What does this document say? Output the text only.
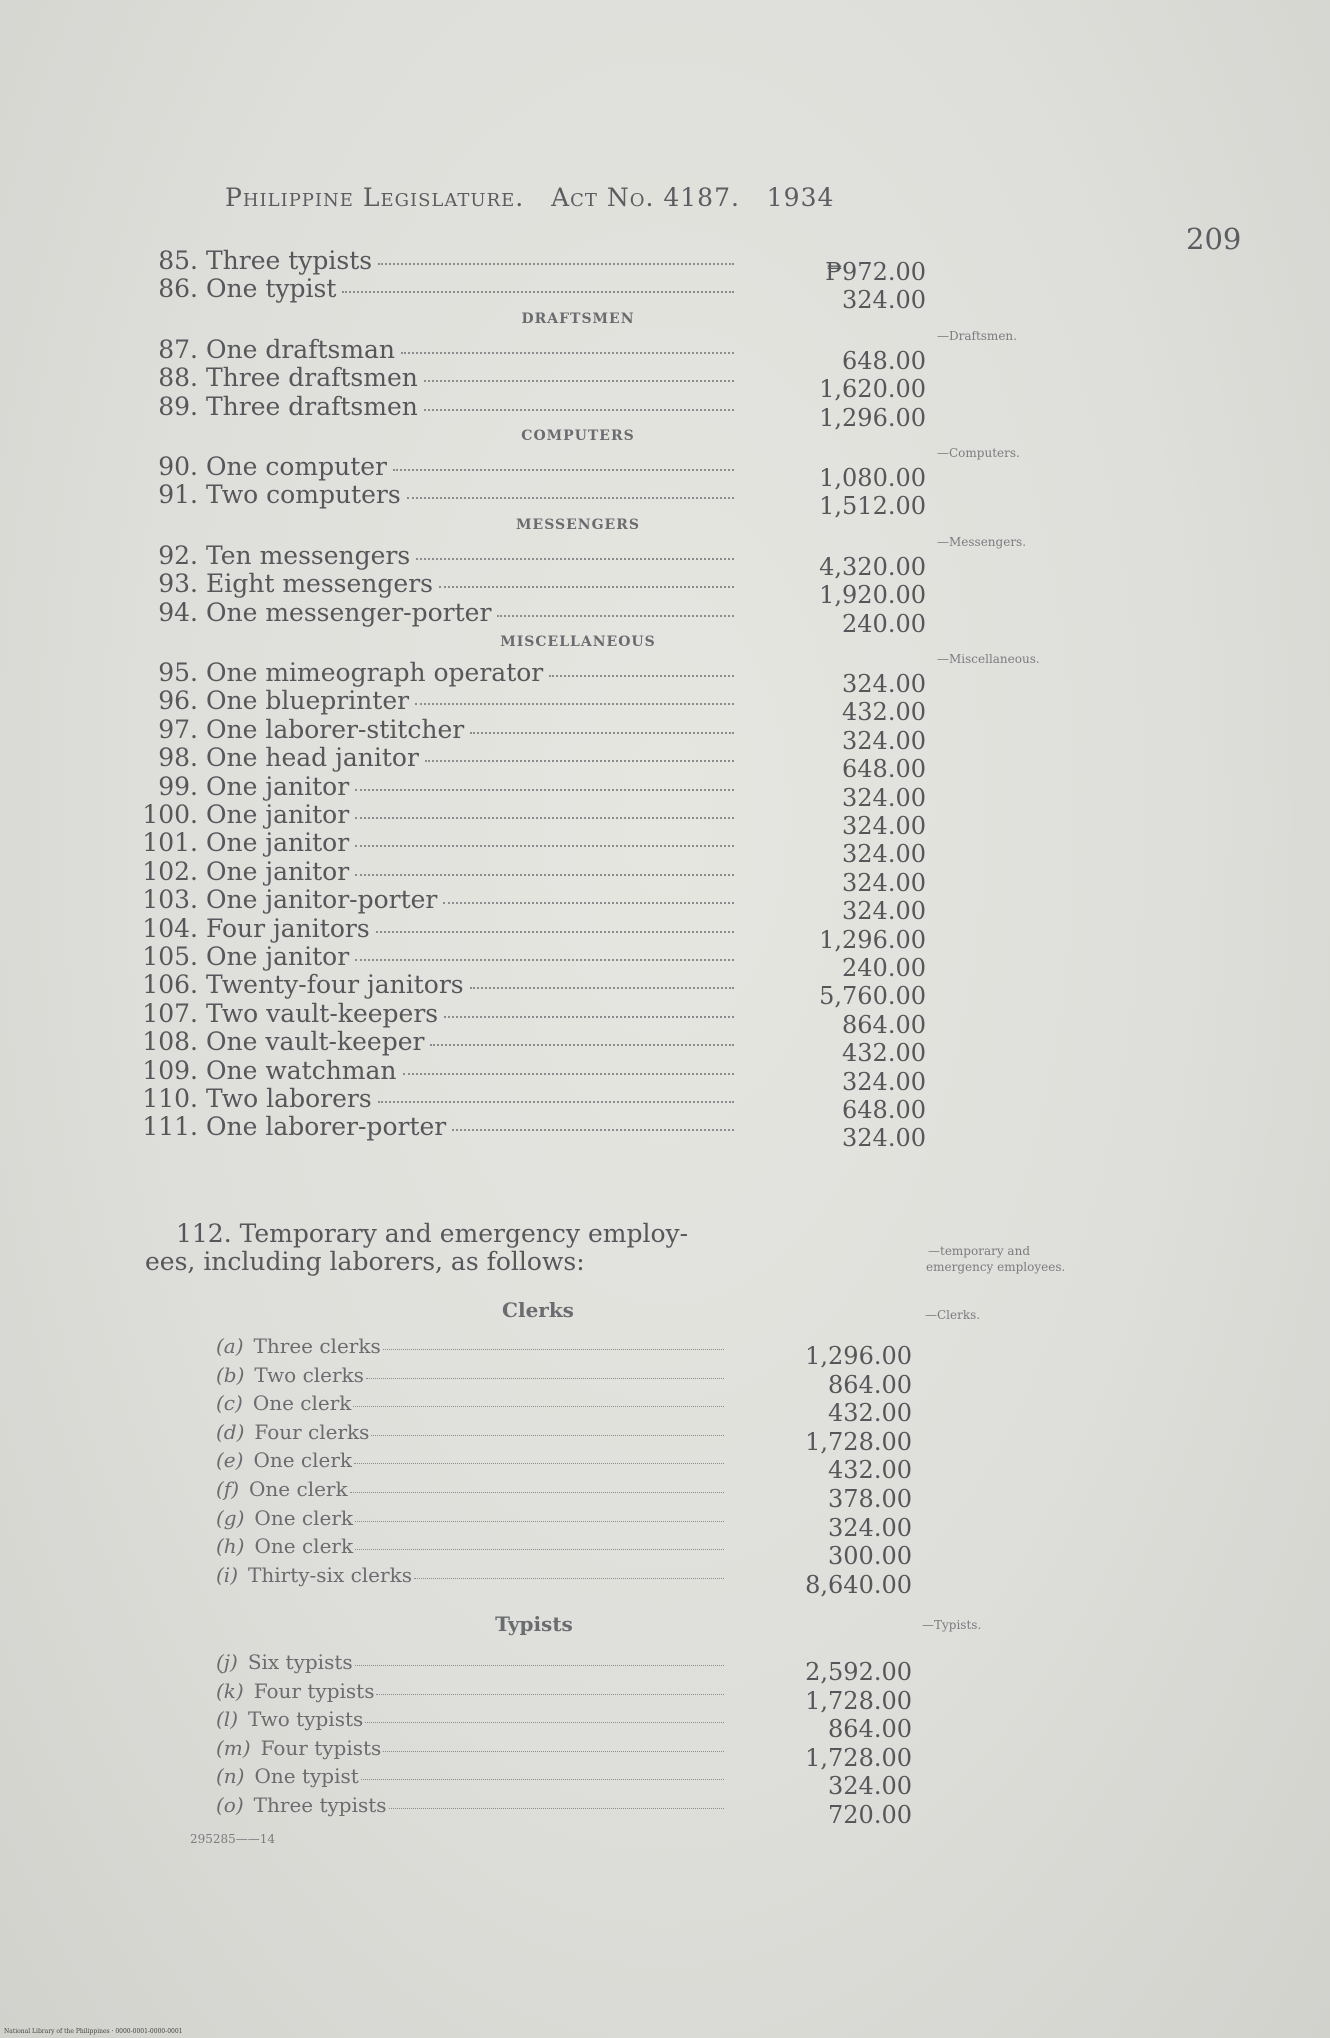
Philippine Legislature. Act No. 4187. 1934
209
85. Three typists	₱972.00
86. One typist	324.00
DRAFTSMEN
—Draftsmen.
87. One draftsman	648.00
88. Three draftsmen	1,620.00
89. Three draftsmen	1,296.00
COMPUTERS
—Computers.
90. One computer	1,080.00
91. Two computers	1,512.00
MESSENGERS
—Messengers.
92. Ten messengers	4,320.00
93. Eight messengers	1,920.00
94. One messenger-porter	240.00
MISCELLANEOUS
—Miscellaneous.
95. One mimeograph operator	324.00
96. One blueprinter	432.00
97. One laborer-stitcher	324.00
98. One head janitor	648.00
99. One janitor	324.00
100. One janitor	324.00
101. One janitor	324.00
102. One janitor	324.00
103. One janitor-porter	324.00
104. Four janitors	1,296.00
105. One janitor	240.00
106. Twenty-four janitors	5,760.00
107. Two vault-keepers	864.00
108. One vault-keeper	432.00
109. One watchman	324.00
110. Two laborers	648.00
111. One laborer-porter	324.00
112. Temporary and emergency employ-
ees, including laborers, as follows:	—temporary and
emergency employees.
Clerks	—Clerks.
(a) Three clerks	1,296.00
(b) Two clerks	864.00
(c) One clerk	432.00
(d) Four clerks	1,728.00
(e) One clerk	432.00
(f) One clerk	378.00
(g) One clerk	324.00
(h) One clerk	300.00
(i) Thirty-six clerks	8,640.00
Typists	—Typists.
(j) Six typists	2,592.00
(k) Four typists	1,728.00
(l) Two typists	864.00
(m) Four typists	1,728.00
(n) One typist	324.00
(o) Three typists	720.00
295285——14
National Library of the Philippines · 0000-0001-0000-0001
